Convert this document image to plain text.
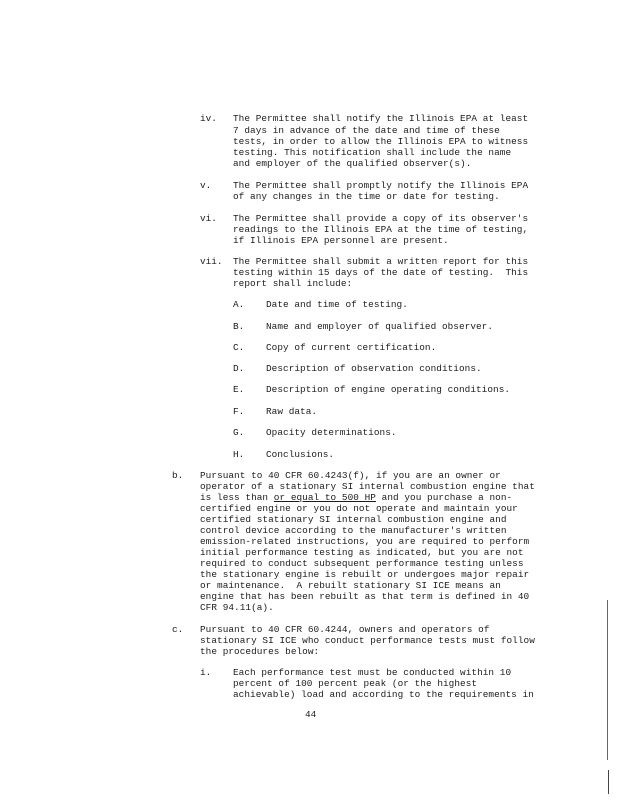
iv. The Permittee shall notify the Illinois EPA at least
7 days in advance of the date and time of these
tests, in order to allow the Illinois EPA to witness
testing. This notification shall include the name
and employer of the qualified observer(s).
v. The Permittee shall promptly notify the Illinois EPA
of any changes in the time or date for testing.
vi. The Permittee shall provide a copy of its observer's
readings to the Illinois EPA at the time of testing,
if Illinois EPA personnel are present.
vii. The Permittee shall submit a written report for this
testing within 15 days of the date of testing.  This
report shall include:
A. Date and time of testing.
B. Name and employer of qualified observer.
C. Copy of current certification.
D. Description of observation conditions.
E. Description of engine operating conditions.
F. Raw data.
G. Opacity determinations.
H. Conclusions.
b. Pursuant to 40 CFR 60.4243(f), if you are an owner or
operator of a stationary SI internal combustion engine that
is less than or equal to 500 HP and you purchase a non-
certified engine or you do not operate and maintain your
certified stationary SI internal combustion engine and
control device according to the manufacturer's written
emission-related instructions, you are required to perform
initial performance testing as indicated, but you are not
required to conduct subsequent performance testing unless
the stationary engine is rebuilt or undergoes major repair
or maintenance.  A rebuilt stationary SI ICE means an
engine that has been rebuilt as that term is defined in 40
CFR 94.11(a).
c. Pursuant to 40 CFR 60.4244, owners and operators of
stationary SI ICE who conduct performance tests must follow
the procedures below:
i. Each performance test must be conducted within 10
percent of 100 percent peak (or the highest
achievable) load and according to the requirements in
44
